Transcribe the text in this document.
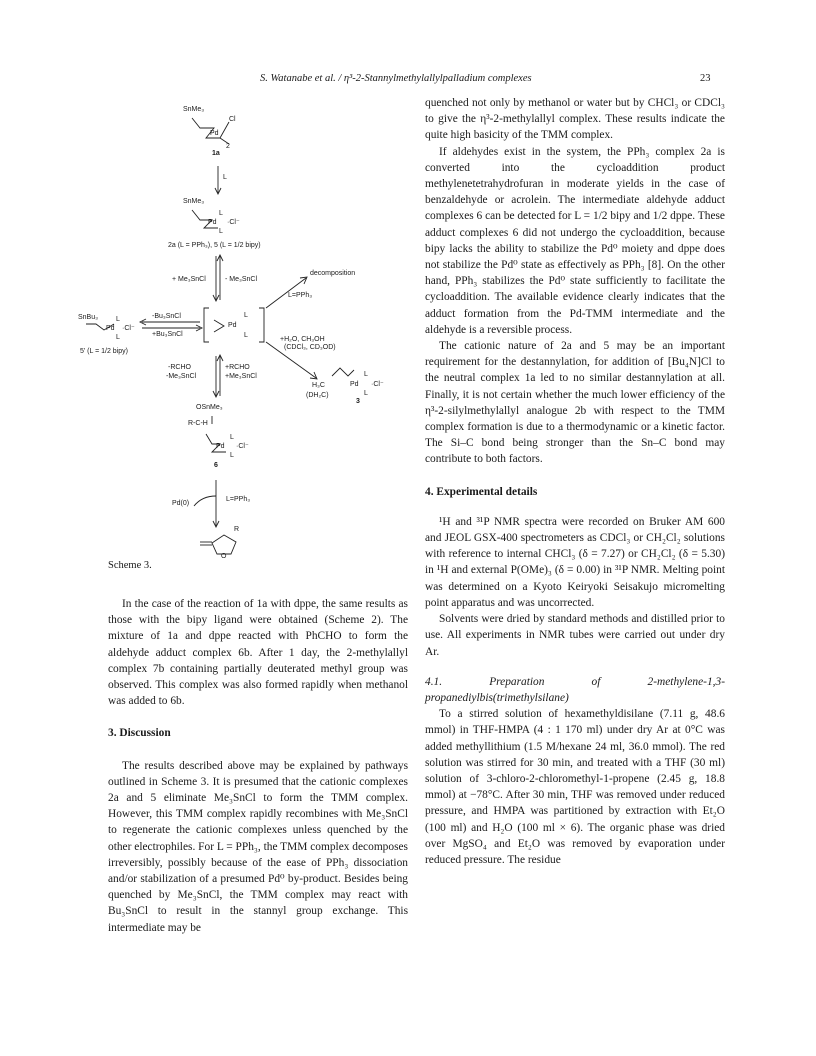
S. Watanabe et al. / η³-2-Stannylmethylallylpalladium complexes	23
SnMe₃
Pd
Cl
2
1a
L
SnMe₃
Pd
L
L
·Cl⁻
2a (L = PPh₃), 5 (L = 1/2 bipy)
+ Me₃SnCl	- Me₃SnCl
decomposition
L=PPh₃
SnBu₃
Pd
L
L
·Cl⁻
-Bu₃SnCl
+Bu₃SnCl
Pd
L
L
5' (L = 1/2 bipy)
+H₂O, CH₃OH
(CDCl₃, CD₃OD)
-RCHO
-Me₃SnCl
+RCHO
+Me₃SnCl
H₃C
(DH₂C)
Pd
L
L
·Cl⁻
3
OSnMe₃
R-C-H
Pd
L
L
·Cl⁻
6
Pd(0)
L=PPh₃
R
O
Scheme 3.

In the case of the reaction of 1a with dppe, the same results as those with the bipy ligand were obtained (Scheme 2). The mixture of 1a and dppe reacted with PhCHO to form the aldehyde adduct complex 6b. After 1 day, the 2-methylallyl complex 7b containing partially deuterated methyl group was observed. This complex was also formed rapidly when methanol was added to 6b.

3. Discussion

The results described above may be explained by pathways outlined in Scheme 3. It is presumed that the cationic complexes 2a and 5 eliminate Me₃SnCl to form the TMM complex. However, this TMM complex rapidly recombines with Me₃SnCl to regenerate the cationic complexes unless quenched by the other electrophiles. For L = PPh₃, the TMM complex decomposes irreversibly, possibly because of the ease of PPh₃ dissociation and/or stabilization of a presumed Pd⁰ by-product. Besides being quenched by Me₃SnCl, the TMM complex may react with Bu₃SnCl to result in the stannyl group exchange. This intermediate may be

quenched not only by methanol or water but by CHCl₃ or CDCl₃ to give the η³-2-methylallyl complex. These results indicate the quite high basicity of the TMM complex.

If aldehydes exist in the system, the PPh₃ complex 2a is converted into the cycloaddition product methylenetetrahydrofuran in moderate yields in the case of benzaldehyde or acrolein. The intermediate aldehyde adduct complexes 6 can be detected for L = 1/2 bipy and 1/2 dppe. These adduct complexes 6 did not undergo the cycloaddition, because bipy lacks the ability to stabilize the Pd⁰ moiety and dppe does not stabilize the Pd⁰ state as effectively as PPh₃ [8]. On the other hand, PPh₃ stabilizes the Pd⁰ state sufficiently to facilitate the cycloaddition. The available evidence clearly indicates that the adduct formation from the Pd-TMM intermediate and the aldehyde is a reversible process.

The cationic nature of 2a and 5 may be an important requirement for the destannylation, for addition of [Bu₄N]Cl to the neutral complex 1a led to no similar destannylation at all. Finally, it is not certain whether the much lower efficiency of the η³-2-silylmethylallyl analogue 2b with respect to the TMM complex formation is due to a thermodynamic or a kinetic factor. The Si–C bond being stronger than the Sn–C bond may contribute to both factors.

4. Experimental details

¹H and ³¹P NMR spectra were recorded on Bruker AM 600 and JEOL GSX-400 spectrometers as CDCl₃ or CH₂Cl₂ solutions with reference to internal CHCl₃ (δ = 7.27) or CH₂Cl₂ (δ = 5.30) in ¹H and external P(OMe)₃ (δ = 0.00) in ³¹P NMR. Melting point was determined on a Kyoto Keiryoki Seisakujo micromelting point apparatus and was uncorrected.

Solvents were dried by standard methods and distilled prior to use. All experiments in NMR tubes were carried out under dry Ar.

4.1. Preparation of 2-methylene-1,3-propanediylbis(trimethylsilane)

To a stirred solution of hexamethyldisilane (7.11 g, 48.6 mmol) in THF-HMPA (4 : 1 170 ml) under dry Ar at 0°C was added methyllithium (1.5 M/hexane 24 ml, 36.0 mmol). The red solution was stirred for 30 min, and treated with a THF (30 ml) solution of 3-chloro-2-chloromethyl-1-propene (2.45 g, 18.8 mmol) at −78°C. After 30 min, THF was removed under reduced pressure, and HMPA was partitioned by extraction with Et₂O (100 ml) and H₂O (100 ml × 6). The organic phase was dried over MgSO₄ and Et₂O was removed by evaporation under reduced pressure. The residue
